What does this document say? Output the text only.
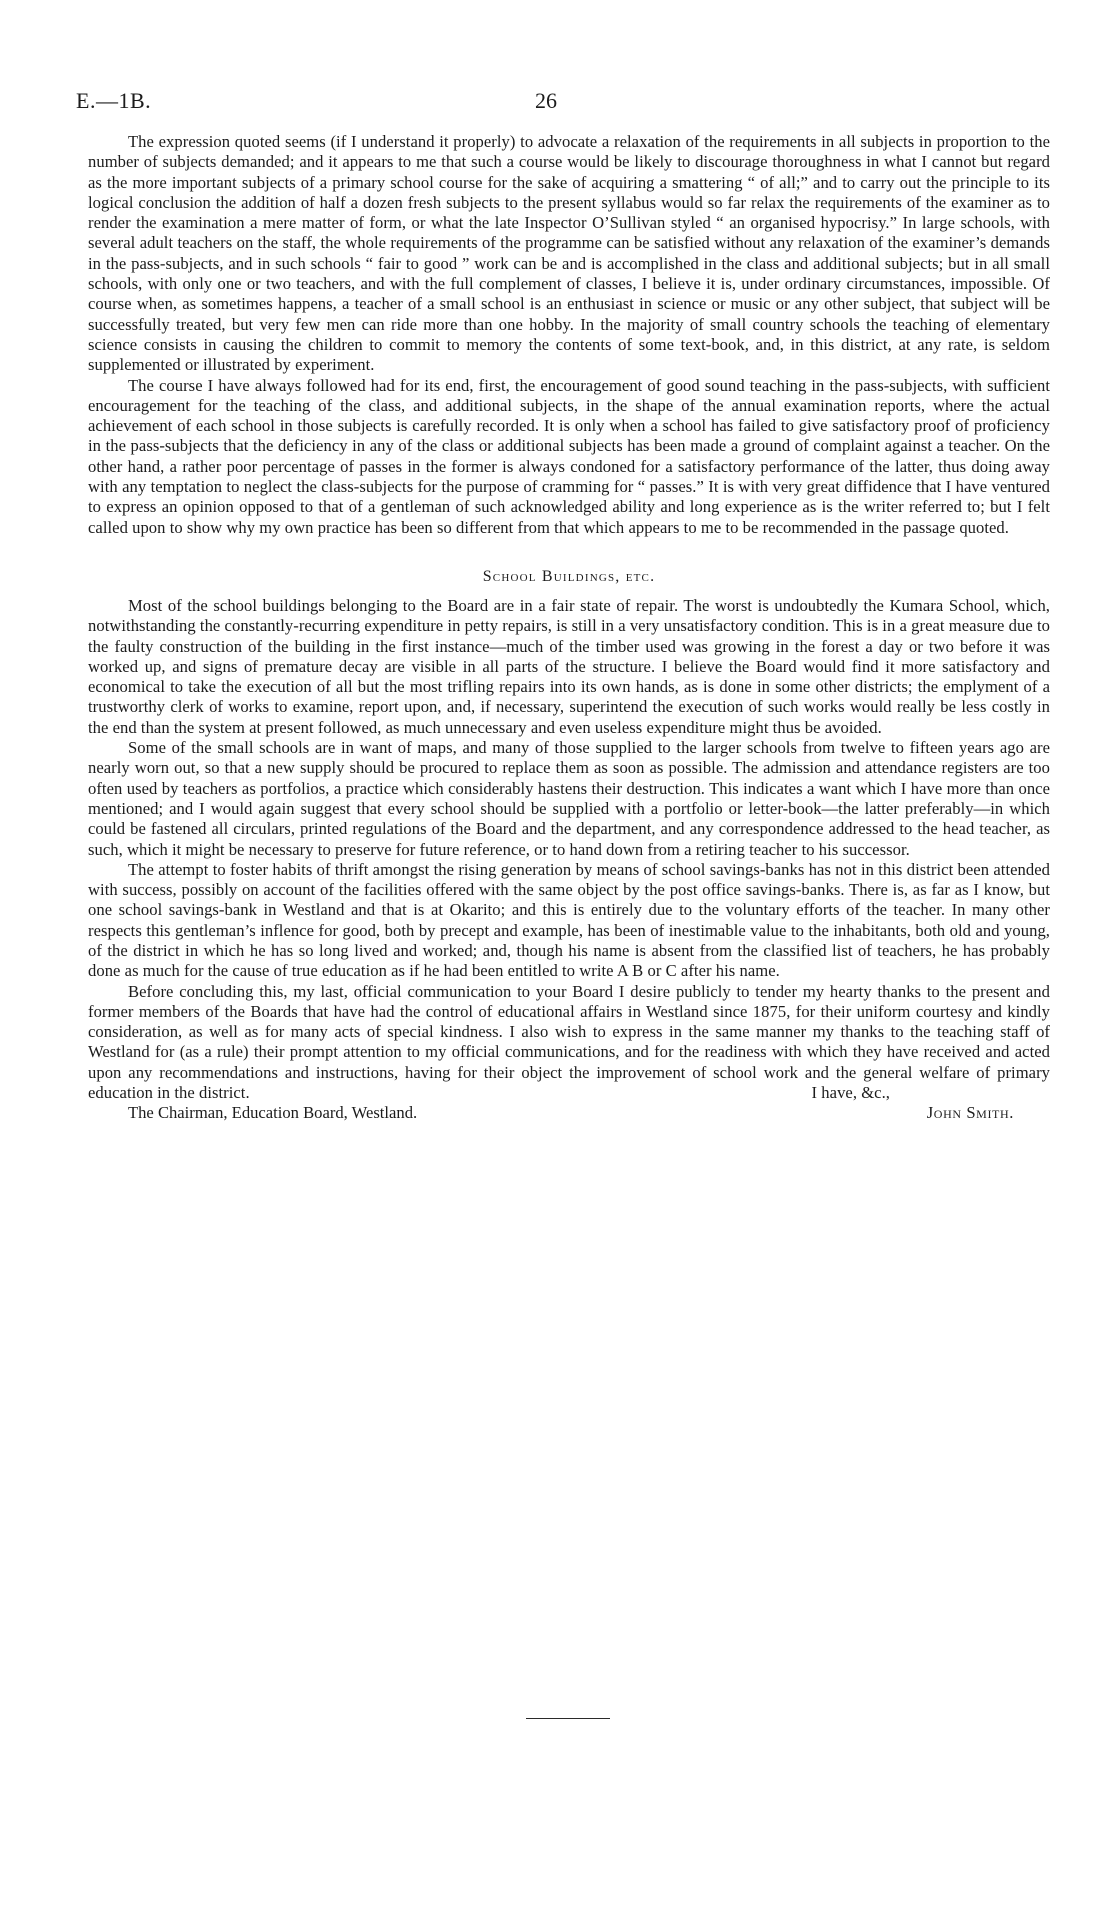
E.—1B.	26

The expression quoted seems (if I understand it properly) to advocate a relaxation of the requirements in all subjects in proportion to the number of subjects demanded; and it appears to me that such a course would be likely to discourage thoroughness in what I cannot but regard as the more important subjects of a primary school course for the sake of acquiring a smattering “ of all;” and to carry out the principle to its logical conclusion the addition of half a dozen fresh subjects to the present syllabus would so far relax the requirements of the examiner as to render the examination a mere matter of form, or what the late Inspector O’Sullivan styled “ an organised hypocrisy.” In large schools, with several adult teachers on the staff, the whole requirements of the programme can be satisfied without any relaxation of the examiner’s demands in the pass-subjects, and in such schools “ fair to good ” work can be and is accomplished in the class and additional subjects; but in all small schools, with only one or two teachers, and with the full complement of classes, I believe it is, under ordinary circumstances, impossible. Of course when, as sometimes happens, a teacher of a small school is an enthusiast in science or music or any other subject, that subject will be successfully treated, but very few men can ride more than one hobby. In the majority of small country schools the teaching of elementary science consists in causing the children to commit to memory the contents of some text-book, and, in this district, at any rate, is seldom supplemented or illustrated by experiment.

The course I have always followed had for its end, first, the encouragement of good sound teaching in the pass-subjects, with sufficient encouragement for the teaching of the class, and additional subjects, in the shape of the annual examination reports, where the actual achievement of each school in those subjects is carefully recorded. It is only when a school has failed to give satisfactory proof of proficiency in the pass-subjects that the deficiency in any of the class or additional subjects has been made a ground of complaint against a teacher. On the other hand, a rather poor percentage of passes in the former is always condoned for a satisfactory performance of the latter, thus doing away with any temptation to neglect the class-subjects for the purpose of cramming for “ passes.” It is with very great diffidence that I have ventured to express an opinion opposed to that of a gentleman of such acknowledged ability and long experience as is the writer referred to; but I felt called upon to show why my own practice has been so different from that which appears to me to be recommended in the passage quoted.

School Buildings, etc.

Most of the school buildings belonging to the Board are in a fair state of repair. The worst is undoubtedly the Kumara School, which, notwithstanding the constantly-recurring expenditure in petty repairs, is still in a very unsatisfactory condition. This is in a great measure due to the faulty construction of the building in the first instance—much of the timber used was growing in the forest a day or two before it was worked up, and signs of premature decay are visible in all parts of the structure. I believe the Board would find it more satisfactory and economical to take the execution of all but the most trifling repairs into its own hands, as is done in some other districts; the emplyment of a trustworthy clerk of works to examine, report upon, and, if necessary, superintend the execution of such works would really be less costly in the end than the system at present followed, as much unnecessary and even useless expenditure might thus be avoided.

Some of the small schools are in want of maps, and many of those supplied to the larger schools from twelve to fifteen years ago are nearly worn out, so that a new supply should be procured to replace them as soon as possible. The admission and attendance registers are too often used by teachers as portfolios, a practice which considerably hastens their destruction. This indicates a want which I have more than once mentioned; and I would again suggest that every school should be supplied with a portfolio or letter-book—the latter preferably—in which could be fastened all circulars, printed regulations of the Board and the department, and any correspondence addressed to the head teacher, as such, which it might be necessary to preserve for future reference, or to hand down from a retiring teacher to his successor.

The attempt to foster habits of thrift amongst the rising generation by means of school savings-banks has not in this district been attended with success, possibly on account of the facilities offered with the same object by the post office savings-banks. There is, as far as I know, but one school savings-bank in Westland and that is at Okarito; and this is entirely due to the voluntary efforts of the teacher. In many other respects this gentleman’s inflence for good, both by precept and example, has been of inestimable value to the inhabitants, both old and young, of the district in which he has so long lived and worked; and, though his name is absent from the classified list of teachers, he has probably done as much for the cause of true education as if he had been entitled to write A B or C after his name.

Before concluding this, my last, official communication to your Board I desire publicly to tender my hearty thanks to the present and former members of the Boards that have had the control of educational affairs in Westland since 1875, for their uniform courtesy and kindly consideration, as well as for many acts of special kindness. I also wish to express in the same manner my thanks to the teaching staff of Westland for (as a rule) their prompt attention to my official communications, and for the readiness with which they have received and acted upon any recommendations and instructions, having for their object the improvement of school work and the general welfare of primary education in the district.	I have, &c.,

The Chairman, Education Board, Westland.	John Smith.
